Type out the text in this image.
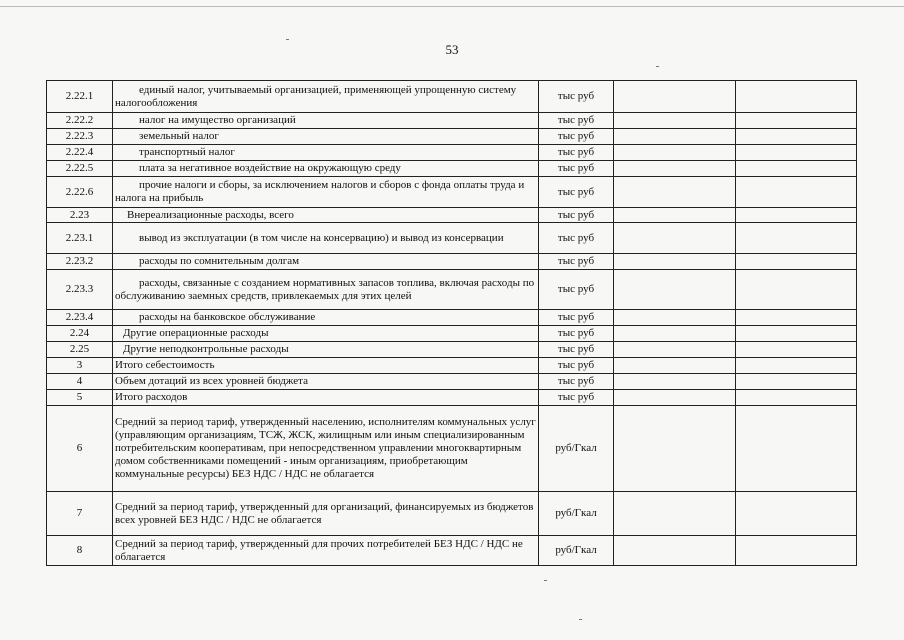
53
2.22.1	единый налог, учитываемый организацией, применяющей упрощенную систему налогообложения	тыс руб		
2.22.2	налог на имущество организаций	тыс руб		
2.22.3	земельный налог	тыс руб		
2.22.4	транспортный налог	тыс руб		
2.22.5	плата за негативное воздействие на окружающую среду	тыс руб		
2.22.6	прочие налоги и сборы, за исключением налогов и сборов с фонда оплаты труда и налога на прибыль	тыс руб		
2.23	Внереализационные расходы, всего	тыс руб		
2.23.1	вывод из эксплуатации (в том числе на консервацию) и вывод из консервации	тыс руб		
2.23.2	расходы по сомнительным долгам	тыс руб		
2.23.3	расходы, связанные с созданием нормативных запасов топлива, включая расходы по обслуживанию заемных средств, привлекаемых для этих целей	тыс руб		
2.23.4	расходы на банковское обслуживание	тыс руб		
2.24	Другие операционные расходы	тыс руб		
2.25	Другие неподконтрольные расходы	тыс руб		
3	Итого себестоимость	тыс руб		
4	Объем дотаций из всех уровней бюджета	тыс руб		
5	Итого расходов	тыс руб		
6	Средний за период тариф, утвержденный населению, исполнителям коммунальных услуг (управляющим организациям, ТСЖ, ЖСК, жилищным или иным специализированным потребительским кооперативам, при непосредственном управлении многоквартирным домом собственниками помещений - иным организациям, приобретающим коммунальные ресурсы) БЕЗ НДС / НДС не облагается	руб/Гкал		
7	Средний за период тариф, утвержденный для организаций, финансируемых из бюджетов всех уровней БЕЗ НДС / НДС не облагается	руб/Гкал		
8	Средний за период тариф, утвержденный для прочих потребителей БЕЗ НДС / НДС не облагается	руб/Гкал		
